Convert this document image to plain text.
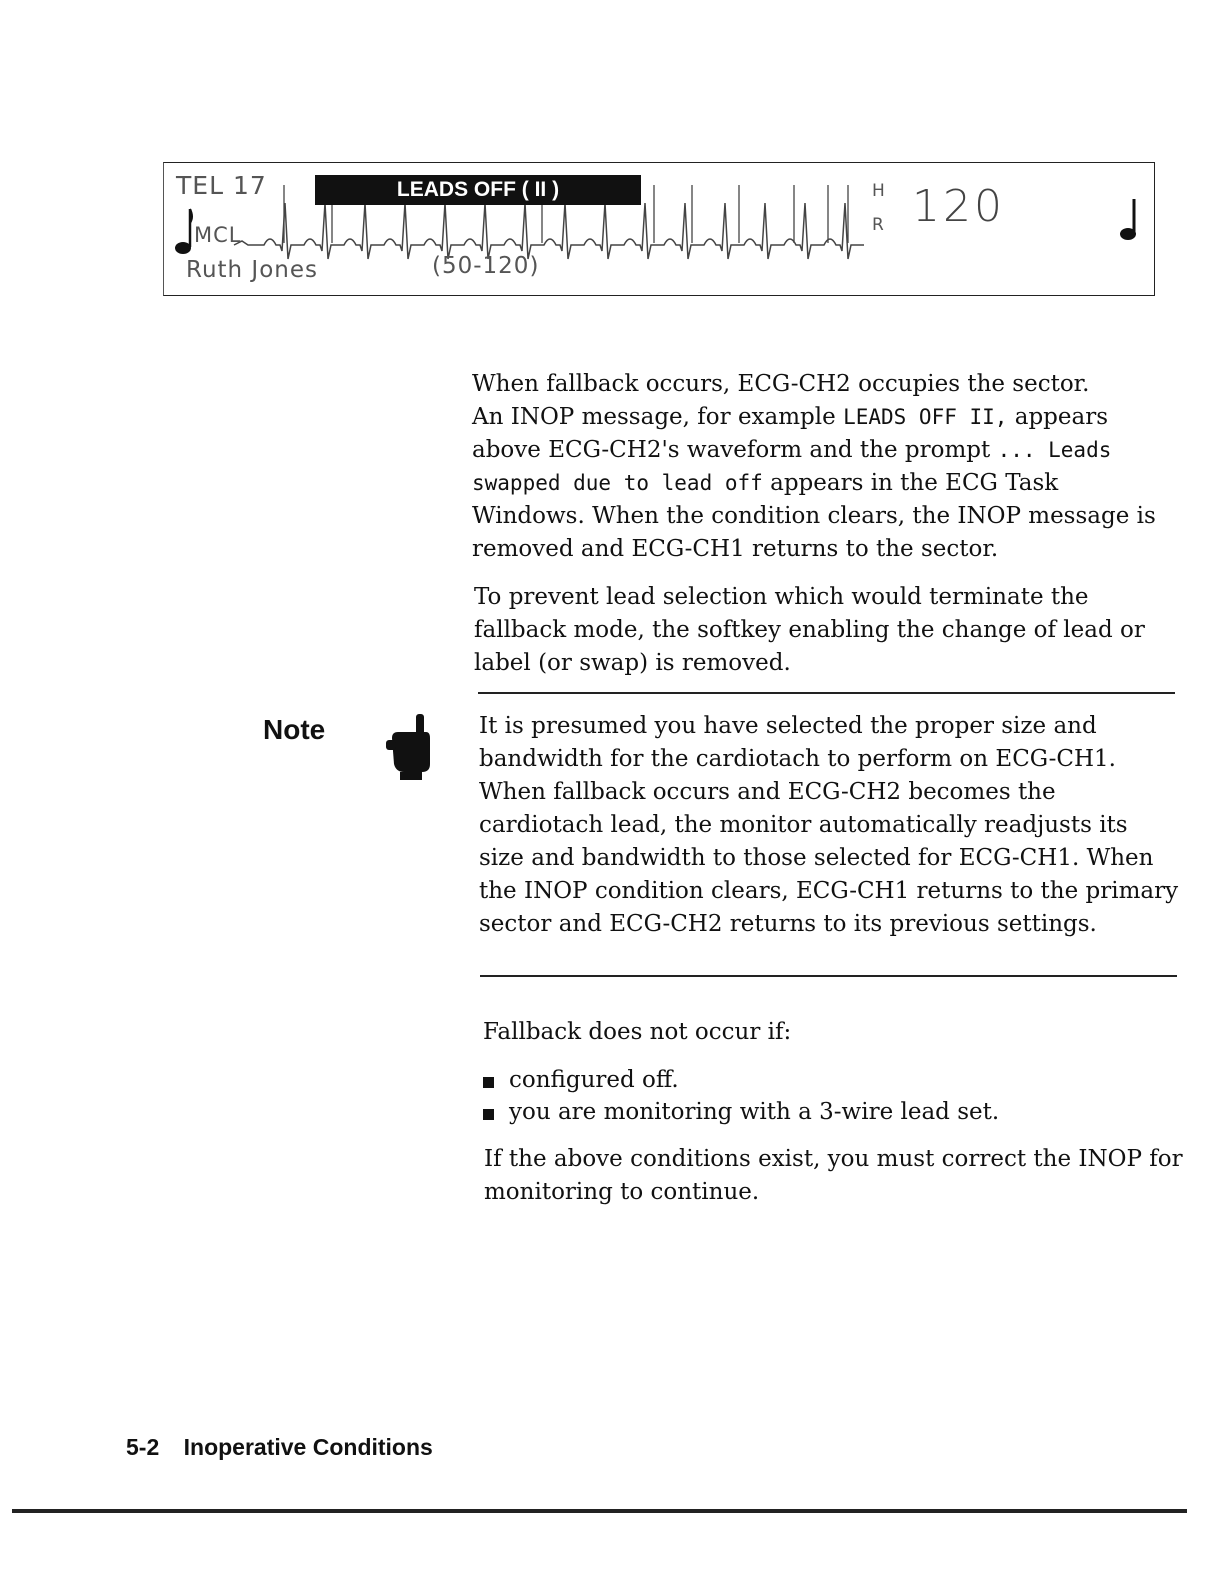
TEL 17
MCL
Ruth Jones	(50-120)
LEADS OFF ( II )	H
R 120
When fallback occurs, ECG-CH2 occupies the sector.
An INOP message, for example LEADS OFF II, appears above ECG-CH2's waveform and the prompt ... Leads swapped due to lead off appears in the ECG Task Windows. When the condition clears, the INOP message is removed and ECG-CH1 returns to the sector.

To prevent lead selection which would terminate the fallback mode, the softkey enabling the change of lead or label (or swap) is removed.

Note	It is presumed you have selected the proper size and bandwidth for the cardiotach to perform on ECG-CH1. When fallback occurs and ECG-CH2 becomes the cardiotach lead, the monitor automatically readjusts its size and bandwidth to those selected for ECG-CH1. When the INOP condition clears, ECG-CH1 returns to the primary sector and ECG-CH2 returns to its previous settings.

Fallback does not occur if:

configured off.
you are monitoring with a 3-wire lead set.

If the above conditions exist, you must correct the INOP for monitoring to continue.

5-2 Inoperative Conditions
